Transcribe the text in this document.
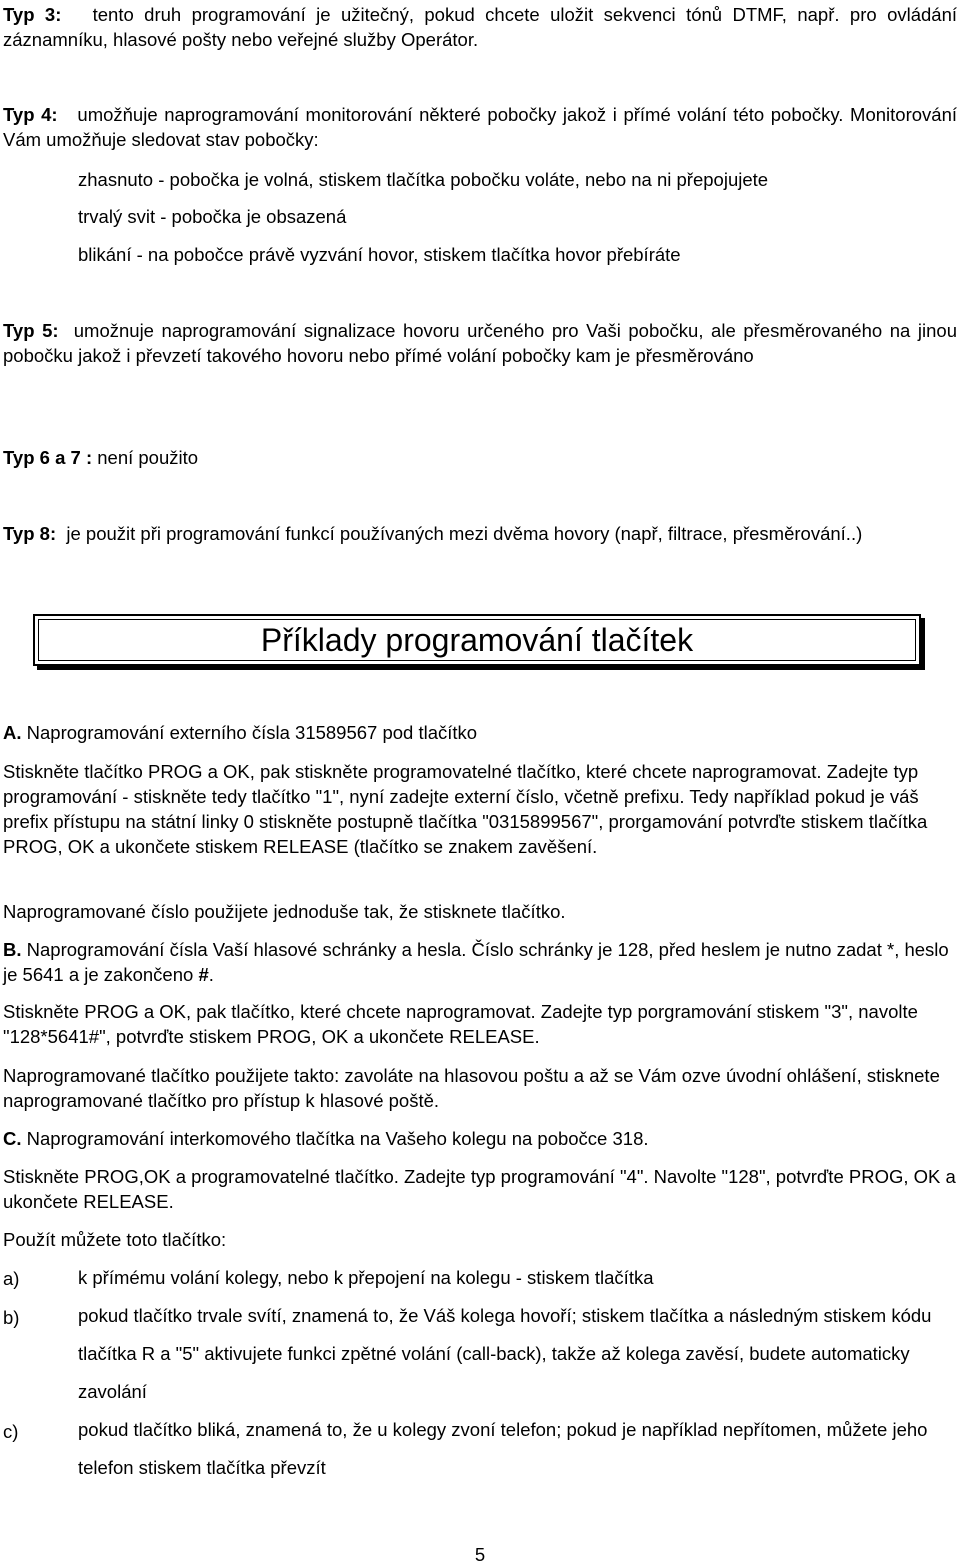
Typ 3: tento druh programování je užitečný, pokud chcete uložit sekvenci tónů DTMF, např. pro ovládání záznamníku, hlasové pošty nebo veřejné služby Operátor.

Typ 4: umožňuje naprogramování monitorování některé pobočky jakož i přímé volání této pobočky. Monitorování Vám umožňuje sledovat stav pobočky:

zhasnuto - pobočka je volná, stiskem tlačítka pobočku voláte, nebo na ni přepojujete

trvalý svit - pobočka je obsazená

blikání - na pobočce právě vyzvání hovor, stiskem tlačítka hovor přebíráte

Typ 5: umožnuje naprogramování signalizace hovoru určeného pro Vaši pobočku, ale přesměrovaného na jinou pobočku jakož i převzetí takového hovoru nebo přímé volání pobočky kam je přesměrováno

Typ 6 a 7 : není použito

Typ 8: je použit při programování funkcí používaných mezi dvěma hovory (např, filtrace, přesměrování..)

Příklady programování tlačítek

A. Naprogramování externího čísla 31589567 pod tlačítko

Stiskněte tlačítko PROG a OK, pak stiskněte programovatelné tlačítko, které chcete naprogramovat. Zadejte typ programování - stiskněte tedy tlačítko "1", nyní zadejte externí číslo, včetně prefixu. Tedy například pokud je váš prefix přístupu na státní linky 0 stiskněte postupně tlačítka "0315899567", prorgamování potvrďte stiskem tlačítka PROG, OK a ukončete stiskem RELEASE (tlačítko se znakem zavěšení.

Naprogramované číslo použijete jednoduše tak, že stisknete tlačítko.

B. Naprogramování čísla Vaší hlasové schránky a hesla. Číslo schránky je 128, před heslem je nutno zadat *, heslo je 5641 a je zakončeno #.

Stiskněte PROG a OK, pak tlačítko, které chcete naprogramovat. Zadejte typ porgramování stiskem "3", navolte "128*5641#", potvrďte stiskem PROG, OK a ukončete RELEASE.

Naprogramované tlačítko použijete takto: zavoláte na hlasovou poštu a až se Vám ozve úvodní ohlášení, stisknete naprogramované tlačítko pro přístup k hlasové poště.

C. Naprogramování interkomového tlačítka na Vašeho kolegu na pobočce 318.

Stiskněte PROG,OK a programovatelné tlačítko. Zadejte typ programování "4". Navolte "128", potvrďte PROG, OK a ukončete RELEASE.

Použít můžete toto tlačítko:

a)	k přímému volání kolegy, nebo k přepojení na kolegu - stiskem tlačítka

b)	pokud tlačítko trvale svítí, znamená to, že Váš kolega hovoří; stiskem tlačítka a následným stiskem kódu tlačítka R a "5" aktivujete funkci zpětné volání (call-back), takže až kolega zavěsí, budete automaticky zavolání

c)	pokud tlačítko bliká, znamená to, že u kolegy zvoní telefon; pokud je například nepřítomen, můžete jeho telefon stiskem tlačítka převzít

5
